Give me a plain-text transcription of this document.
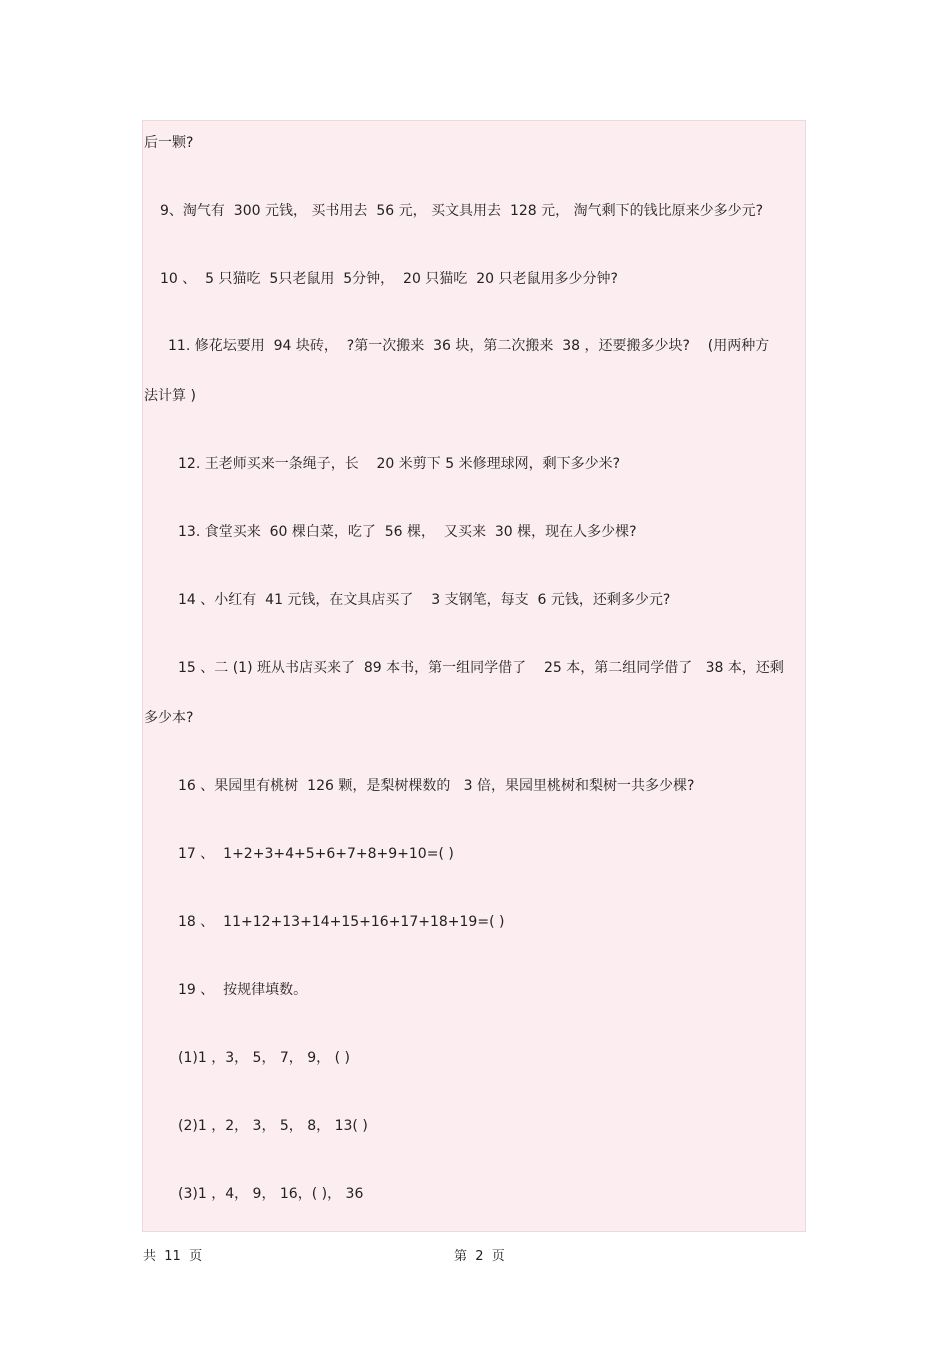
后一颗?
9、淘气有  300 元钱， 买书用去  56 元， 买文具用去  128 元， 淘气剩下的钱比原来少多少元?
10 、  5 只猫吃  5只老鼠用  5分钟，  20 只猫吃  20 只老鼠用多少分钟?
11. 修花坛要用  94 块砖，  ?第一次搬来  36 块，第二次搬来  38 ，还要搬多少块?    (用两种方
法计算 )
12. 王老师买来一条绳子，长    20 米剪下 5 米修理球网，剩下多少米?
13. 食堂买来  60 棵白菜，吃了  56 棵，  又买来  30 棵，现在人多少棵?
14 、小红有  41 元钱，在文具店买了    3 支钢笔，每支  6 元钱，还剩多少元?
15 、二 (1) 班从书店买来了  89 本书，第一组同学借了    25 本，第二组同学借了   38 本，还剩
多少本?
16 、果园里有桃树  126 颗，是梨树棵数的   3 倍，果园里桃树和梨树一共多少棵?
17 、  1+2+3+4+5+6+7+8+9+10=( )
18 、  11+12+13+14+15+16+17+18+19=( )
19 、  按规律填数。
(1)1 ，3， 5， 7， 9， ( )
(2)1 ，2， 3， 5， 8， 13( )
(3)1 ，4， 9， 16，( )， 36
共  11  页	第  2  页
